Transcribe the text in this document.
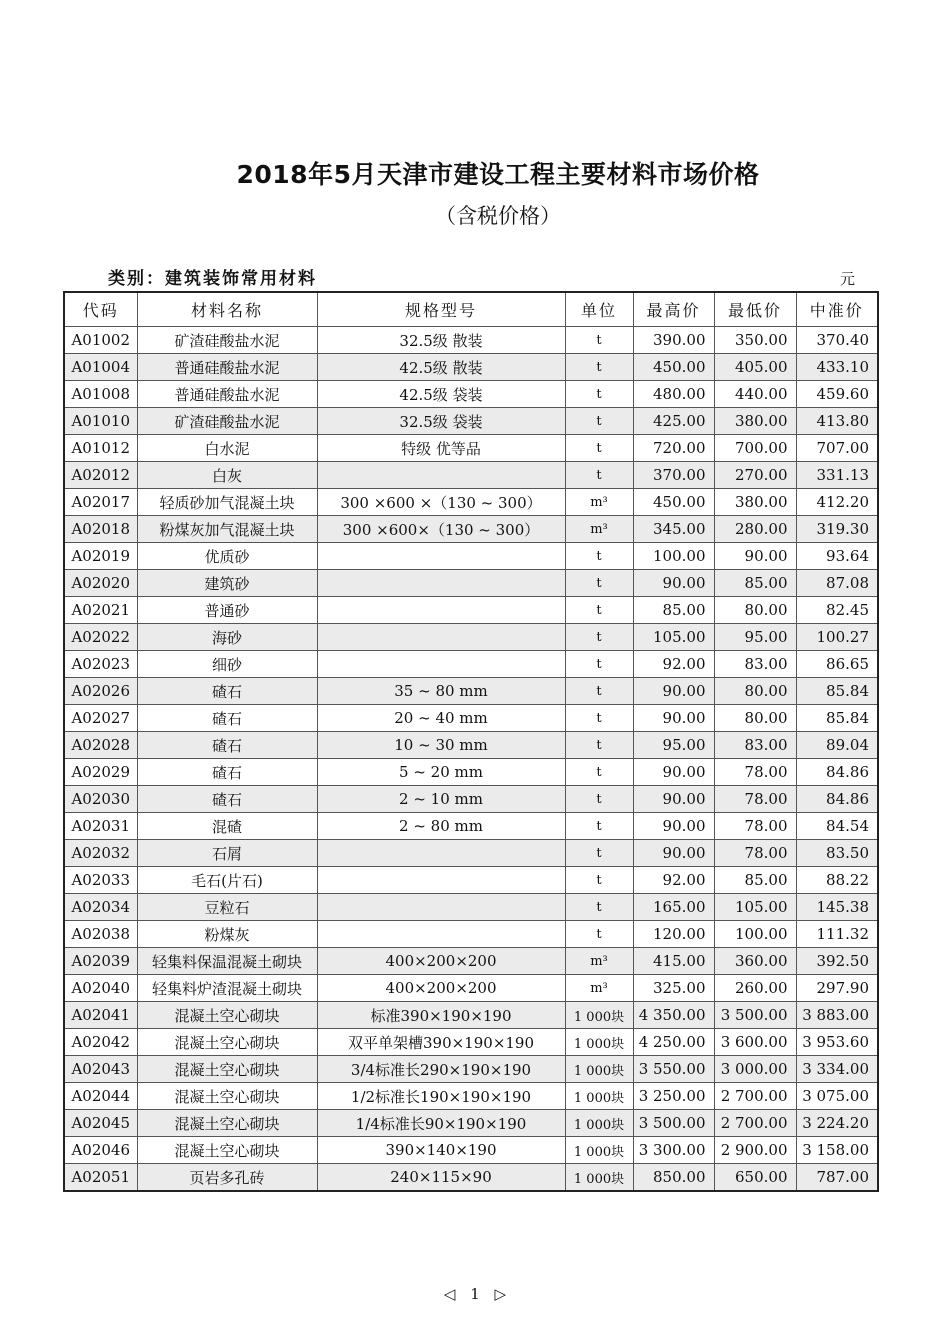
2018年5月天津市建设工程主要材料市场价格
（含税价格）
类别：建筑装饰常用材料	元
代码	材料名称	规格型号	单位	最高价	最低价	中准价
A01002	矿渣硅酸盐水泥	32.5级 散装	t	390.00	350.00	370.40
A01004	普通硅酸盐水泥	42.5级 散装	t	450.00	405.00	433.10
A01008	普通硅酸盐水泥	42.5级 袋装	t	480.00	440.00	459.60
A01010	矿渣硅酸盐水泥	32.5级 袋装	t	425.00	380.00	413.80
A01012	白水泥	特级 优等品	t	720.00	700.00	707.00
A02012	白灰		t	370.00	270.00	331.13
A02017	轻质砂加气混凝土块	300 ×600 ×（130 ~ 300）	m³	450.00	380.00	412.20
A02018	粉煤灰加气混凝土块	300 ×600×（130 ~ 300）	m³	345.00	280.00	319.30
A02019	优质砂		t	100.00	90.00	93.64
A02020	建筑砂		t	90.00	85.00	87.08
A02021	普通砂		t	85.00	80.00	82.45
A02022	海砂		t	105.00	95.00	100.27
A02023	细砂		t	92.00	83.00	86.65
A02026	碴石	35 ~ 80 mm	t	90.00	80.00	85.84
A02027	碴石	20 ~ 40 mm	t	90.00	80.00	85.84
A02028	碴石	10 ~ 30 mm	t	95.00	83.00	89.04
A02029	碴石	5 ~ 20 mm	t	90.00	78.00	84.86
A02030	碴石	2 ~ 10 mm	t	90.00	78.00	84.86
A02031	混碴	2 ~ 80 mm	t	90.00	78.00	84.54
A02032	石屑		t	90.00	78.00	83.50
A02033	毛石(片石)		t	92.00	85.00	88.22
A02034	豆粒石		t	165.00	105.00	145.38
A02038	粉煤灰		t	120.00	100.00	111.32
A02039	轻集料保温混凝土砌块	400×200×200	m³	415.00	360.00	392.50
A02040	轻集料炉渣混凝土砌块	400×200×200	m³	325.00	260.00	297.90
A02041	混凝土空心砌块	标准390×190×190	1 000块	4 350.00	3 500.00	3 883.00
A02042	混凝土空心砌块	双平单架槽390×190×190	1 000块	4 250.00	3 600.00	3 953.60
A02043	混凝土空心砌块	3/4标准长290×190×190	1 000块	3 550.00	3 000.00	3 334.00
A02044	混凝土空心砌块	1/2标准长190×190×190	1 000块	3 250.00	2 700.00	3 075.00
A02045	混凝土空心砌块	1/4标准长90×190×190	1 000块	3 500.00	2 700.00	3 224.20
A02046	混凝土空心砌块	390×140×190	1 000块	3 300.00	2 900.00	3 158.00
A02051	页岩多孔砖	240×115×90	1 000块	850.00	650.00	787.00
◁ 1 ▷
